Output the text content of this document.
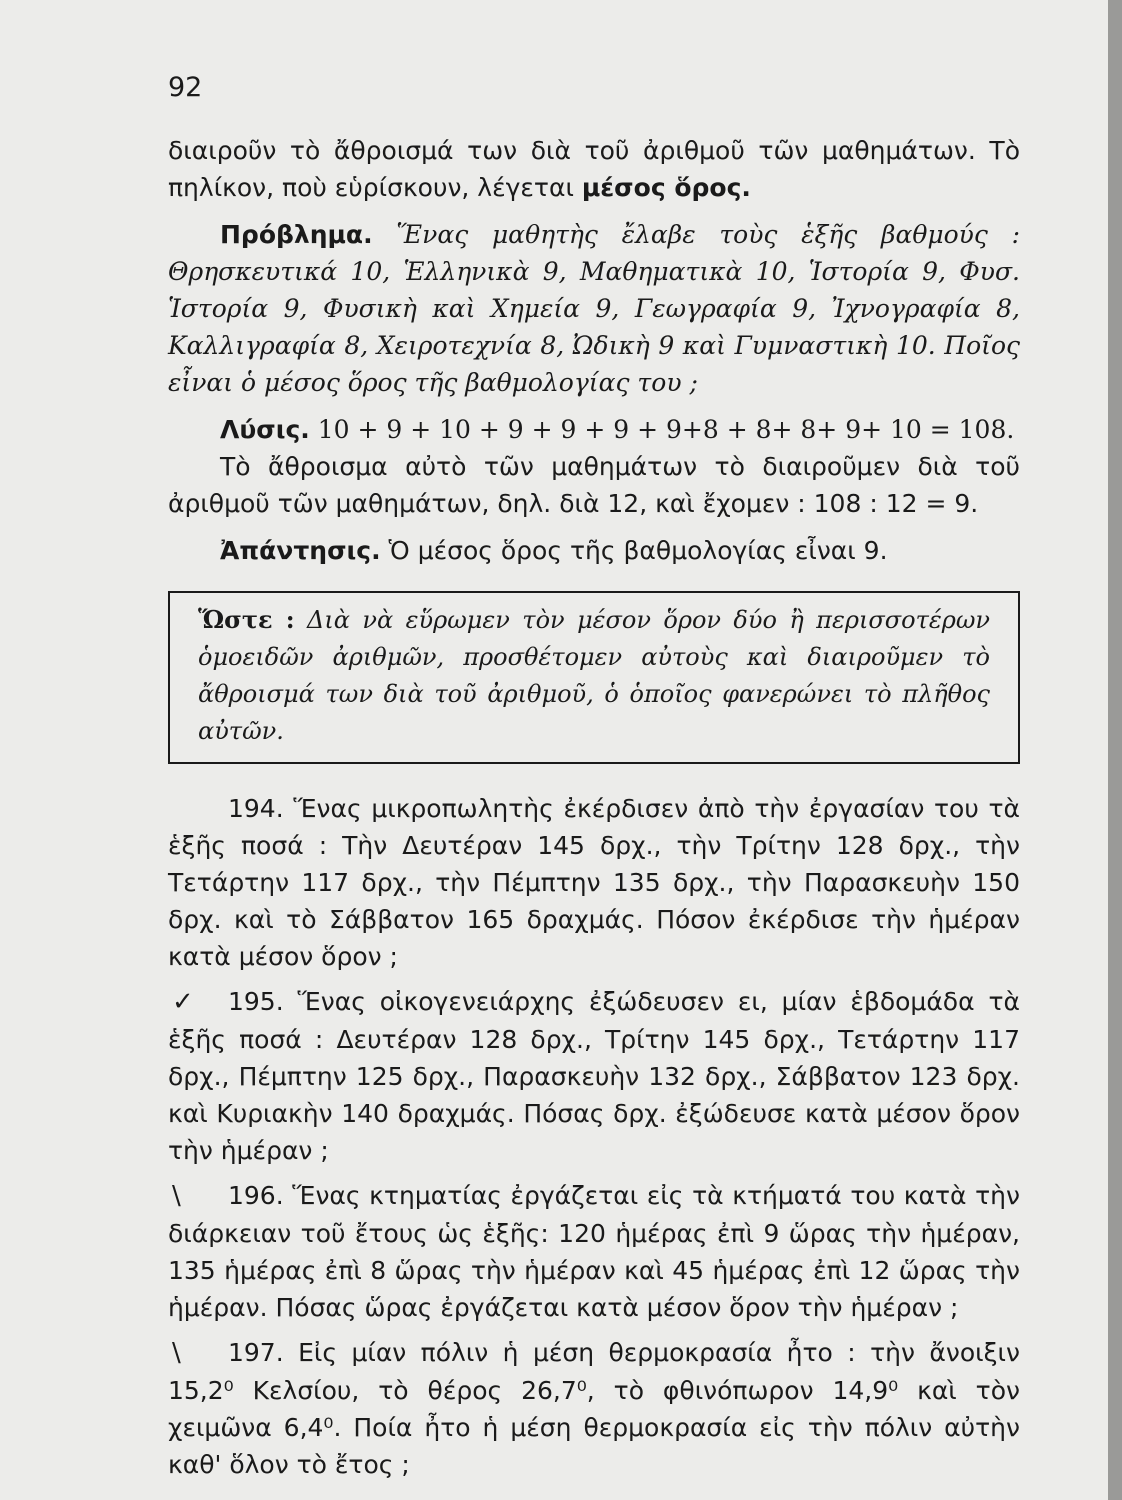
92

διαιροῦν τὸ ἄθροισμά των διὰ τοῦ ἀριθμοῦ τῶν μαθημάτων. Τὸ πηλίκον, ποὺ εὑρίσκουν, λέγεται μέσος ὅρος.

Πρόβλημα. Ἕνας μαθητὴς ἔλαβε τοὺς ἑξῆς βαθμούς : Θρησκευτικά 10, Ἑλληνικὰ 9, Μαθηματικὰ 10, Ἱστορία 9, Φυσ. Ἱστορία 9, Φυσικὴ καὶ Χημεία 9, Γεωγραφία 9, Ἰχνογραφία 8, Καλλιγραφία 8, Χειροτεχνία 8, Ὠδικὴ 9 καὶ Γυμναστικὴ 10. Ποῖος εἶναι ὁ μέσος ὅρος τῆς βαθμολογίας του ;

Λύσις. 10 + 9 + 10 + 9 + 9 + 9 + 9+8 + 8+ 8+ 9+ 10 = 108.

Τὸ ἄθροισμα αὐτὸ τῶν μαθημάτων τὸ διαιροῦμεν διὰ τοῦ ἀριθμοῦ τῶν μαθημάτων, δηλ. διὰ 12, καὶ ἔχομεν : 108 : 12 = 9.

Ἀπάντησις. Ὁ μέσος ὅρος τῆς βαθμολογίας εἶναι 9.

Ὥστε : Διὰ νὰ εὕρωμεν τὸν μέσον ὅρον δύο ἢ περισσοτέρων ὁμοειδῶν ἀριθμῶν, προσθέτομεν αὐτοὺς καὶ διαιροῦμεν τὸ ἄθροισμά των διὰ τοῦ ἀριθμοῦ, ὁ ὁποῖος φανερώνει τὸ πλῆθος αὐτῶν.

194. Ἕνας μικροπωλητὴς ἐκέρδισεν ἀπὸ τὴν ἐργασίαν του τὰ ἑξῆς ποσά : Τὴν Δευτέραν 145 δρχ., τὴν Τρίτην 128 δρχ., τὴν Τετάρτην 117 δρχ., τὴν Πέμπτην 135 δρχ., τὴν Παρασκευὴν 150 δρχ. καὶ τὸ Σάββατον 165 δραχμάς. Πόσον ἐκέρδισε τὴν ἡμέραν κατὰ μέσον ὅρον ;

✓ 195. Ἕνας οἰκογενειάρχης ἐξώδευσεν ει, μίαν ἑβδομάδα τὰ ἑξῆς ποσά : Δευτέραν 128 δρχ., Τρίτην 145 δρχ., Τετάρτην 117 δρχ., Πέμπτην 125 δρχ., Παρασκευὴν 132 δρχ., Σάββατον 123 δρχ. καὶ Κυριακὴν 140 δραχμάς. Πόσας δρχ. ἐξώδευσε κατὰ μέσον ὅρον τὴν ἡμέραν ;

\ 196. Ἕνας κτηματίας ἐργάζεται εἰς τὰ κτήματά του κατὰ τὴν διάρκειαν τοῦ ἔτους ὡς ἑξῆς: 120 ἡμέρας ἐπὶ 9 ὥρας τὴν ἡμέραν, 135 ἡμέρας ἐπὶ 8 ὥρας τὴν ἡμέραν καὶ 45 ἡμέρας ἐπὶ 12 ὥρας τὴν ἡμέραν. Πόσας ὥρας ἐργάζεται κατὰ μέσον ὅρον τὴν ἡμέραν ;

\ 197. Εἰς μίαν πόλιν ἡ μέση θερμοκρασία ἦτο : τὴν ἄνοιξιν 15,2⁰ Κελσίου, τὸ θέρος 26,7⁰, τὸ φθινόπωρον 14,9⁰ καὶ τὸν χειμῶνα 6,4⁰. Ποία ἦτο ἡ μέση θερμοκρασία εἰς τὴν πόλιν αὐτὴν καθ' ὅλον τὸ ἔτος ;
